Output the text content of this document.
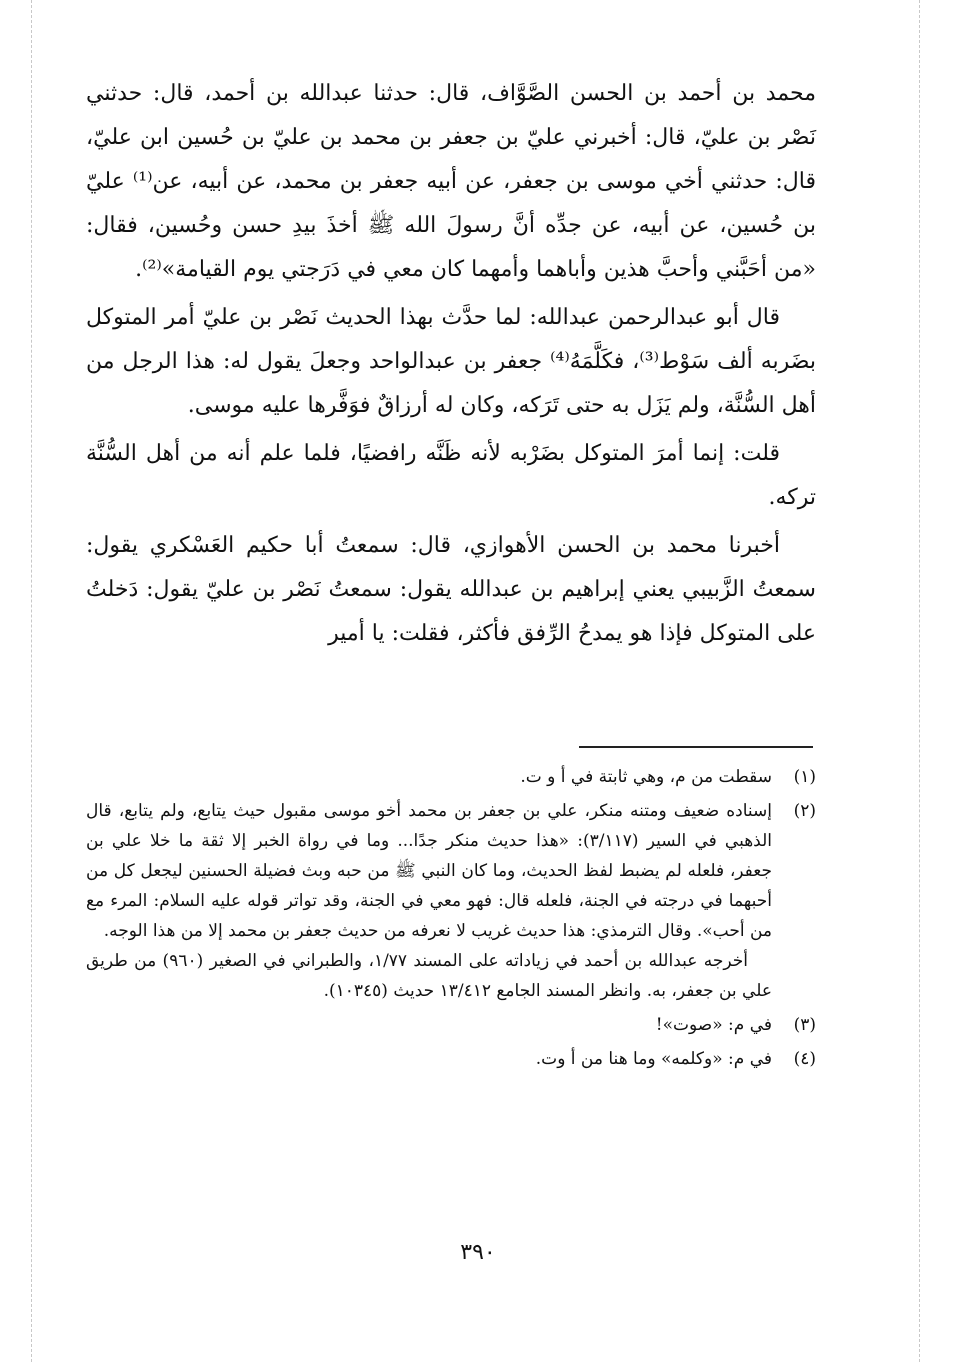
محمد بن أحمد بن الحسن الصَّوَّاف، قال: حدثنا عبدالله بن أحمد، قال: حدثني نَصْر بن عليّ، قال: أخبرني عليّ بن جعفر بن محمد بن عليّ بن حُسين ابن عليّ، قال: حدثني أخي موسى بن جعفر، عن أبيه جعفر بن محمد، عن أبيه، عن⁽¹⁾ عليّ بن حُسين، عن أبيه، عن جدِّه أنَّ رسولَ الله ﷺ أخذَ بيدِ حسن وحُسين، فقال: «من أحَبَّني وأحبَّ هذين وأباهما وأمهما كان معي في دَرَجتي يوم القيامة»⁽²⁾.

قال أبو عبدالرحمن عبدالله: لما حدَّث بهذا الحديث نَصْر بن عليّ أمر المتوكل بضَربه ألف سَوْط⁽³⁾، فكَلَّمَهُ⁽⁴⁾ جعفر بن عبدالواحد وجعلَ يقول له: هذا الرجل من أهل السُّنَّة، ولم يَزَل به حتى تَرَكه، وكان له أرزاقٌ فوَفَّرها عليه موسى.

قلت: إنما أمرَ المتوكل بضَرْبه لأنه ظَنَّه رافضيًا، فلما علم أنه من أهل السُّنَّة تركه.

أخبرنا محمد بن الحسن الأهوازي، قال: سمعتُ أبا حكيم العَسْكري يقول: سمعتُ الزَّبيبي يعني إبراهيم بن عبدالله يقول: سمعتُ نَصْر بن عليّ يقول: دَخلتُ على المتوكل فإذا هو يمدحُ الرِّفق فأكثر، فقلت: يا أمير

(١)

سقطت من م، وهي ثابتة في أ و ت.

(٢)

إسناده ضعيف ومتنه منكر، علي بن جعفر بن محمد أخو موسى مقبول حيث يتابع، ولم يتابع، قال الذهبي في السير (٣/١١٧): «هذا حديث منكر جدًا... وما في رواة الخبر إلا ثقة ما خلا علي بن جعفر، فلعله لم يضبط لفظ الحديث، وما كان النبي ﷺ من حبه وبث فضيلة الحسنين ليجعل كل من أحبهما في درجته في الجنة، فلعله قال: فهو معي في الجنة، وقد تواتر قوله عليه السلام: المرء مع من أحب». وقال الترمذي: هذا حديث غريب لا نعرفه من حديث جعفر بن محمد إلا من هذا الوجه.

أخرجه عبدالله بن أحمد في زياداته على المسند ١/٧٧، والطبراني في الصغير (٩٦٠) من طريق علي بن جعفر، به. وانظر المسند الجامع ١٣/٤١٢ حديث (١٠٣٤٥).

(٣)

في م: «صوت»!

(٤)

في م: «وكلمه» وما هنا من أ وت.

٣٩٠
